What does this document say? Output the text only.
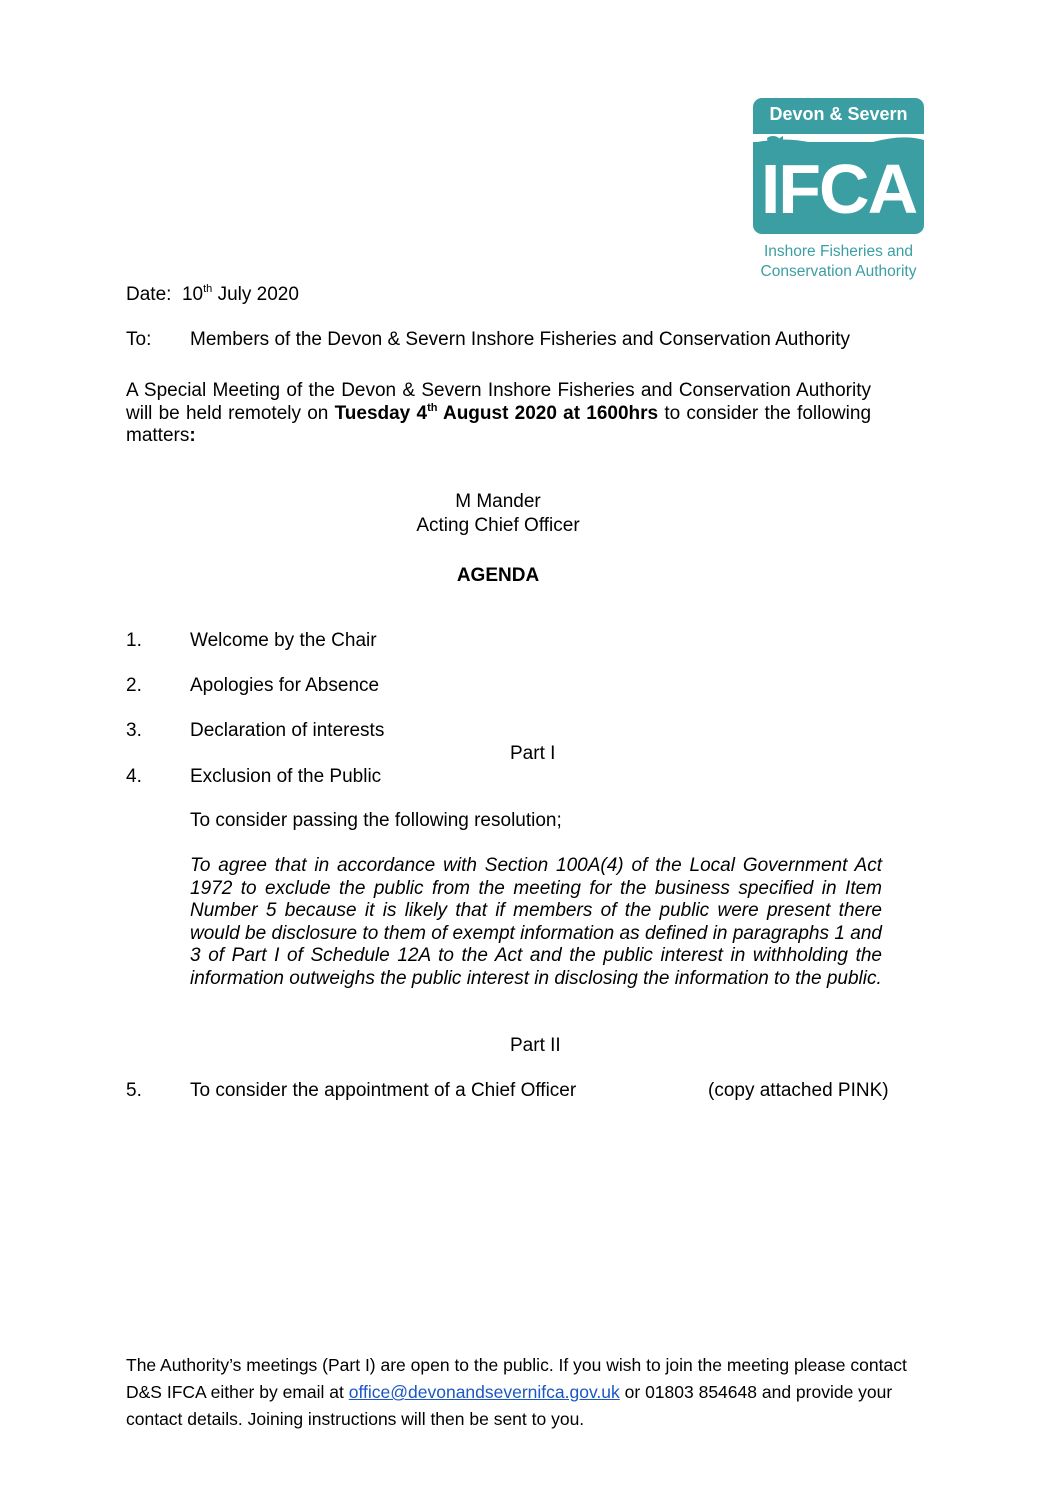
Devon & Severn
IFCA
Inshore Fisheries and
Conservation Authority
Date: 10th July 2020
To: Members of the Devon & Severn Inshore Fisheries and Conservation Authority
A Special Meeting of the Devon & Severn Inshore Fisheries and Conservation Authority will be held remotely on Tuesday 4th August 2020 at 1600hrs to consider the following matters:
M Mander
Acting Chief Officer
AGENDA
1.	Welcome by the Chair
2.	Apologies for Absence
3.	Declaration of interests
Part I
4.	Exclusion of the Public
To consider passing the following resolution;
To agree that in accordance with Section 100A(4) of the Local Government Act 1972 to exclude the public from the meeting for the business specified in Item Number 5 because it is likely that if members of the public were present there would be disclosure to them of exempt information as defined in paragraphs 1 and 3 of Part I of Schedule 12A to the Act and the public interest in withholding the information outweighs the public interest in disclosing the information to the public.
Part II
5.	To consider the appointment of a Chief Officer	(copy attached PINK)
The Authority’s meetings (Part I) are open to the public. If you wish to join the meeting please contact D&S IFCA either by email at office@devonandsevernifca.gov.uk or 01803 854648 and provide your contact details. Joining instructions will then be sent to you.
